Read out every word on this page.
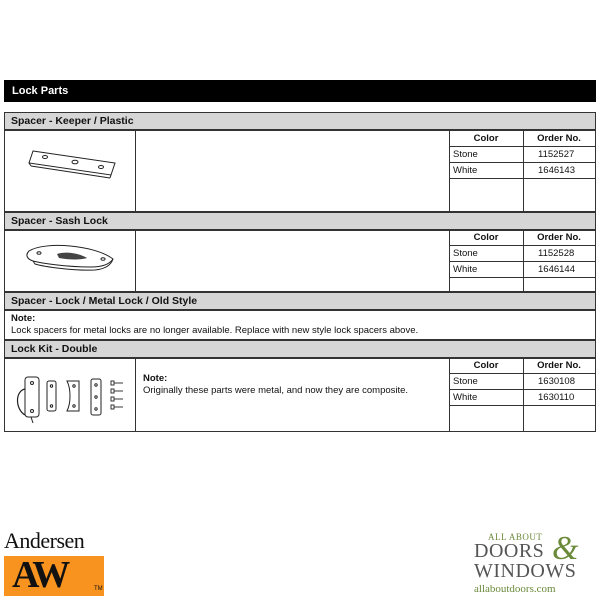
Lock Parts
Spacer - Keeper / Plastic
Color	Order No.
Stone	1152527
White	1646143
Spacer - Sash Lock
Color	Order No.
Stone	1152528
White	1646144
Spacer - Lock / Metal Lock / Old Style
Note:
Lock spacers for metal locks are no longer available. Replace with new style lock spacers above.
Lock Kit - Double
Color	Order No.
Stone	1630108
White	1630110
Note:
Originally these parts were metal, and now they are composite.
Andersen
AW	TM
ALL ABOUT
DOORS &
WINDOWS
allaboutdoors.com
